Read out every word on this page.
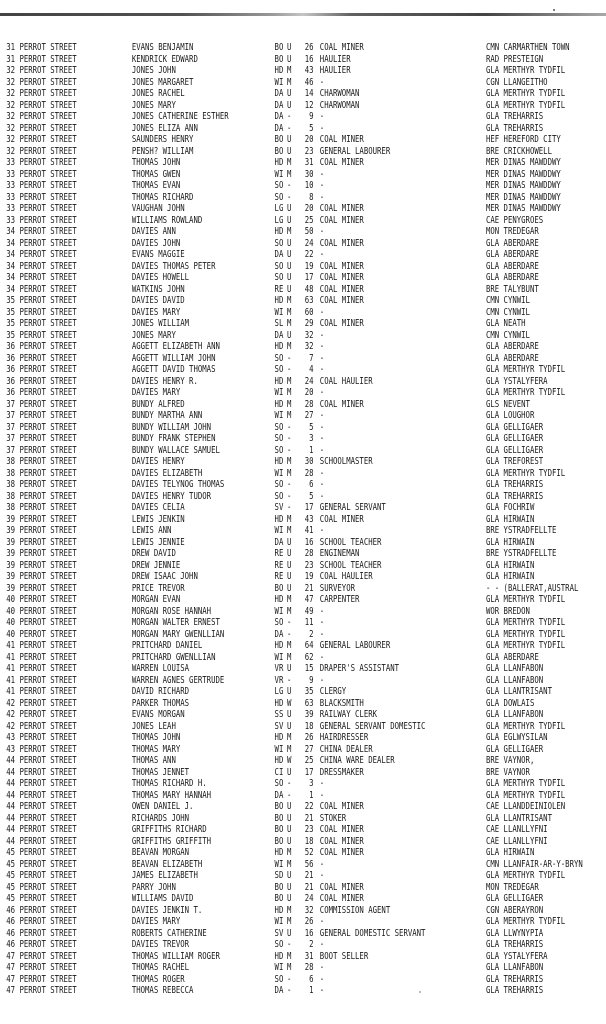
31 PERROT STREET	EVANS BENJAMIN	BO U	26 COAL MINER	CMN CARMARTHEN TOWN
31 PERROT STREET	KENDRICK EDWARD	BO U	16 HAULIER	RAD PRESTEIGN
32 PERROT STREET	JONES JOHN	HD M	43 HAULIER	GLA MERTHYR TYDFIL
32 PERROT STREET	JONES MARGARET	WI M	46 -	CGN LLANGEITHO
32 PERROT STREET	JONES RACHEL	DA U	14 CHARWOMAN	GLA MERTHYR TYDFIL
32 PERROT STREET	JONES MARY	DA U	12 CHARWOMAN	GLA MERTHYR TYDFIL
32 PERROT STREET	JONES CATHERINE ESTHER	DA -	9 -	GLA TREHARRIS
32 PERROT STREET	JONES ELIZA ANN	DA -	5 -	GLA TREHARRIS
32 PERROT STREET	SAUNDERS HENRY	BO U	20 COAL MINER	HEF HEREFORD CITY
32 PERROT STREET	PENSH? WILLIAM	BO U	23 GENERAL LABOURER	BRE CRICKHOWELL
33 PERROT STREET	THOMAS JOHN	HD M	31 COAL MINER	MER DINAS MAWDDWY
33 PERROT STREET	THOMAS GWEN	WI M	30 -	MER DINAS MAWDDWY
33 PERROT STREET	THOMAS EVAN	SO -	10 -	MER DINAS MAWDDWY
33 PERROT STREET	THOMAS RICHARD	SO -	8 -	MER DINAS MAWDDWY
33 PERROT STREET	VAUGHAN JOHN	LG U	20 COAL MINER	MER DINAS MAWDDWY
33 PERROT STREET	WILLIAMS ROWLAND	LG U	25 COAL MINER	CAE PENYGROES
34 PERROT STREET	DAVIES ANN	HD M	50 -	MON TREDEGAR
34 PERROT STREET	DAVIES JOHN	SO U	24 COAL MINER	GLA ABERDARE
34 PERROT STREET	EVANS MAGGIE	DA U	22 -	GLA ABERDARE
34 PERROT STREET	DAVIES THOMAS PETER	SO U	19 COAL MINER	GLA ABERDARE
34 PERROT STREET	DAVIES HOWELL	SO U	17 COAL MINER	GLA ABERDARE
34 PERROT STREET	WATKINS JOHN	RE U	48 COAL MINER	BRE TALYBUNT
35 PERROT STREET	DAVIES DAVID	HD M	63 COAL MINER	CMN CYNWIL
35 PERROT STREET	DAVIES MARY	WI M	60 -	CMN CYNWIL
35 PERROT STREET	JONES WILLIAM	SL M	29 COAL MINER	GLA NEATH
35 PERROT STREET	JONES MARY	DA U	32 -	CMN CYNWIL
36 PERROT STREET	AGGETT ELIZABETH ANN	HD M	32 -	GLA ABERDARE
36 PERROT STREET	AGGETT WILLIAM JOHN	SO -	7 -	GLA ABERDARE
36 PERROT STREET	AGGETT DAVID THOMAS	SO -	4 -	GLA MERTHYR TYDFIL
36 PERROT STREET	DAVIES HENRY R.	HD M	24 COAL HAULIER	GLA YSTALYFERA
36 PERROT STREET	DAVIES MARY	WI M	20 -	GLA MERTHYR TYDFIL
37 PERROT STREET	BUNDY ALFRED	HD M	28 COAL MINER	GLS NEVENT
37 PERROT STREET	BUNDY MARTHA ANN	WI M	27 -	GLA LOUGHOR
37 PERROT STREET	BUNDY WILLIAM JOHN	SO -	5 -	GLA GELLIGAER
37 PERROT STREET	BUNDY FRANK STEPHEN	SO -	3 -	GLA GELLIGAER
37 PERROT STREET	BUNDY WALLACE SAMUEL	SO -	1 -	GLA GELLIGAER
38 PERROT STREET	DAVIES HENRY	HD M	30 SCHOOLMASTER	GLA TREFOREST
38 PERROT STREET	DAVIES ELIZABETH	WI M	28 -	GLA MERTHYR TYDFIL
38 PERROT STREET	DAVIES TELYNOG THOMAS	SO -	6 -	GLA TREHARRIS
38 PERROT STREET	DAVIES HENRY TUDOR	SO -	5 -	GLA TREHARRIS
38 PERROT STREET	DAVIES CELIA	SV -	17 GENERAL SERVANT	GLA FOCHRIW
39 PERROT STREET	LEWIS JENKIN	HD M	43 COAL MINER	GLA HIRWAIN
39 PERROT STREET	LEWIS ANN	WI M	41 -	BRE YSTRADFELLTE
39 PERROT STREET	LEWIS JENNIE	DA U	16 SCHOOL TEACHER	GLA HIRWAIN
39 PERROT STREET	DREW DAVID	RE U	28 ENGINEMAN	BRE YSTRADFELLTE
39 PERROT STREET	DREW JENNIE	RE U	23 SCHOOL TEACHER	GLA HIRWAIN
39 PERROT STREET	DREW ISAAC JOHN	RE U	19 COAL HAULIER	GLA HIRWAIN
39 PERROT STREET	PRICE TREVOR	BO U	21 SURVEYOR	- - (BALLERAT,AUSTRAL
40 PERROT STREET	MORGAN EVAN	HD M	47 CARPENTER	GLA MERTHYR TYDFIL
40 PERROT STREET	MORGAN ROSE HANNAH	WI M	49 -	WOR BREDON
40 PERROT STREET	MORGAN WALTER ERNEST	SO -	11 -	GLA MERTHYR TYDFIL
40 PERROT STREET	MORGAN MARY GWENLLIAN	DA -	2 -	GLA MERTHYR TYDFIL
41 PERROT STREET	PRITCHARD DANIEL	HD M	64 GENERAL LABOURER	GLA MERTHYR TYDFIL
41 PERROT STREET	PRITCHARD GWENLLIAN	WI M	62 -	GLA ABERDARE
41 PERROT STREET	WARREN LOUISA	VR U	15 DRAPER'S ASSISTANT	GLA LLANFABON
41 PERROT STREET	WARREN AGNES GERTRUDE	VR -	9 -	GLA LLANFABON
41 PERROT STREET	DAVID RICHARD	LG U	35 CLERGY	GLA LLANTRISANT
42 PERROT STREET	PARKER THOMAS	HD W	63 BLACKSMITH	GLA DOWLAIS
42 PERROT STREET	EVANS MORGAN	SS U	39 RAILWAY CLERK	GLA LLANFABON
42 PERROT STREET	JONES LEAH	SV U	18 GENERAL SERVANT DOMESTIC	GLA MERTHYR TYDFIL
43 PERROT STREET	THOMAS JOHN	HD M	26 HAIRDRESSER	GLA EGLWYSILAN
43 PERROT STREET	THOMAS MARY	WI M	27 CHINA DEALER	GLA GELLIGAER
44 PERROT STREET	THOMAS ANN	HD W	25 CHINA WARE DEALER	BRE VAYNOR,
44 PERROT STREET	THOMAS JENNET	CI U	17 DRESSMAKER	BRE VAYNOR
44 PERROT STREET	THOMAS RICHARD H.	SO -	3 -	GLA MERTHYR TYDFIL
44 PERROT STREET	THOMAS MARY HANNAH	DA -	1 -	GLA MERTHYR TYDFIL
44 PERROT STREET	OWEN DANIEL J.	BO U	22 COAL MINER	CAE LLANDDEINIOLEN
44 PERROT STREET	RICHARDS JOHN	BO U	21 STOKER	GLA LLANTRISANT
44 PERROT STREET	GRIFFITHS RICHARD	BO U	23 COAL MINER	CAE LLANLLYFNI
44 PERROT STREET	GRIFFITHS GRIFFITH	BO U	18 COAL MINER	CAE LLANLLYFNI
45 PERROT STREET	BEAVAN MORGAN	HD M	52 COAL MINER	GLA HIRWAIN
45 PERROT STREET	BEAVAN ELIZABETH	WI M	56 -	CMN LLANFAIR-AR-Y-BRYN
45 PERROT STREET	JAMES ELIZABETH	SD U	21 -	GLA MERTHYR TYDFIL
45 PERROT STREET	PARRY JOHN	BO U	21 COAL MINER	MON TREDEGAR
45 PERROT STREET	WILLIAMS DAVID	BO U	24 COAL MINER	GLA GELLIGAER
46 PERROT STREET	DAVIES JENKIN T.	HD M	32 COMMISSION AGENT	CGN ABERAYRON
46 PERROT STREET	DAVIES MARY	WI M	26 -	GLA MERTHYR TYDFIL
46 PERROT STREET	ROBERTS CATHERINE	SV U	16 GENERAL DOMESTIC SERVANT	GLA LLWYNYPIA
46 PERROT STREET	DAVIES TREVOR	SO -	2 -	GLA TREHARRIS
47 PERROT STREET	THOMAS WILLIAM ROGER	HD M	31 BOOT SELLER	GLA YSTALYFERA
47 PERROT STREET	THOMAS RACHEL	WI M	28 -	GLA LLANFABON
47 PERROT STREET	THOMAS ROGER	SO -	6 -	GLA TREHARRIS
47 PERROT STREET	THOMAS REBECCA	DA -	1 -	GLA TREHARRIS
